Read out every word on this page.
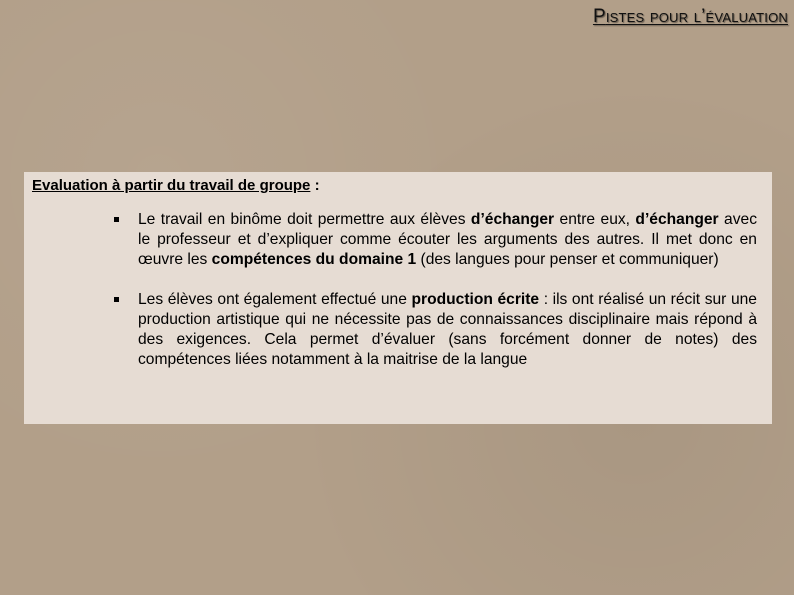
Pistes pour l’évaluation

Evaluation à partir du travail de groupe :

Le travail en binôme doit permettre aux élèves d’échanger entre eux, d’échanger avec le professeur et d’expliquer comme écouter les arguments des autres. Il met donc en œuvre les compétences du domaine 1 (des langues pour penser et communiquer)
Les élèves ont également effectué une production écrite : ils ont réalisé un récit sur une production artistique qui ne nécessite pas de connaissances disciplinaire mais répond à des exigences. Cela permet d’évaluer (sans forcément donner de notes) des compétences liées notamment à la maitrise de la langue
